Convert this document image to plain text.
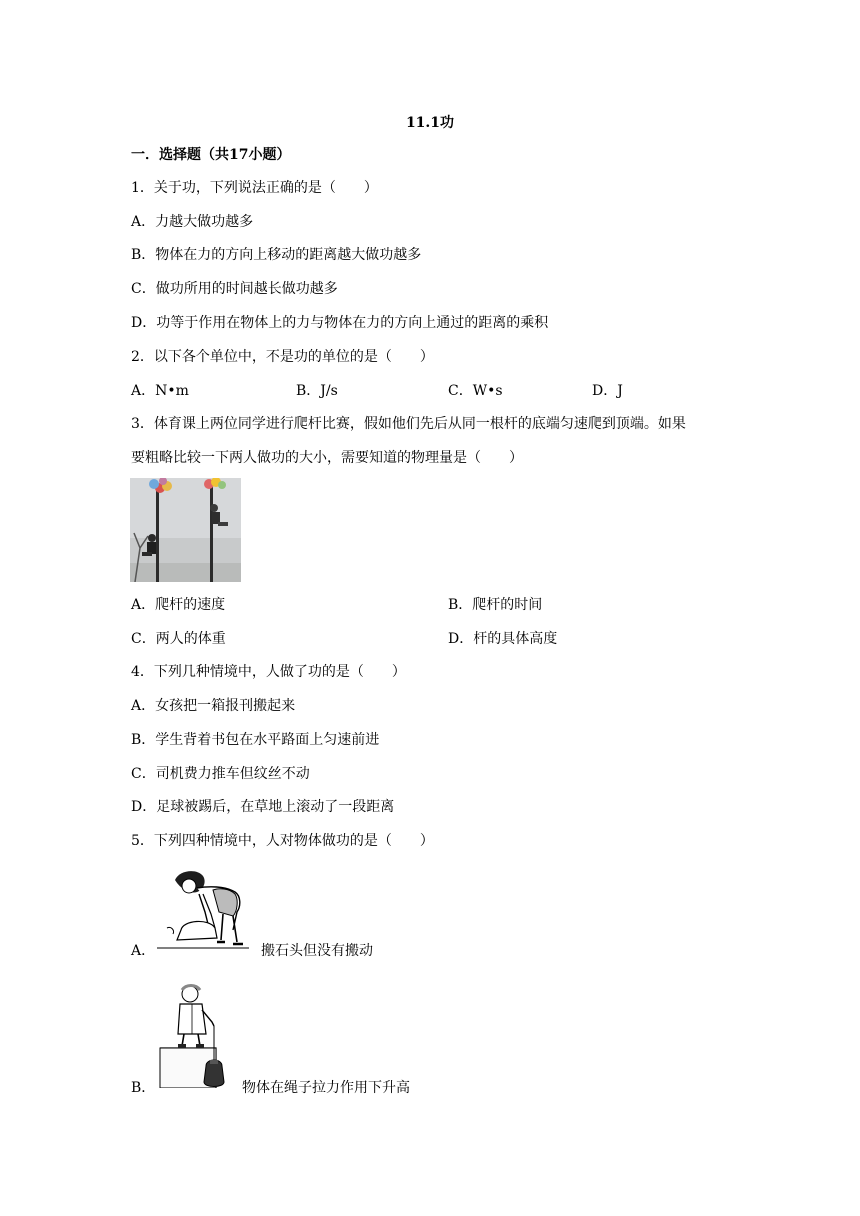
11.1功
一．选择题（共17小题）
1．关于功，下列说法正确的是（　　）
A．力越大做功越多
B．物体在力的方向上移动的距离越大做功越多
C．做功所用的时间越长做功越多
D．功等于作用在物体上的力与物体在力的方向上通过的距离的乘积
2．以下各个单位中，不是功的单位的是（　　）
A．N•m	B．J/s	C．W•s	D．J
3．体育课上两位同学进行爬杆比赛，假如他们先后从同一根杆的底端匀速爬到顶端。如果
要粗略比较一下两人做功的大小，需要知道的物理量是（　　）
A．爬杆的速度	B．爬杆的时间
C．两人的体重	D．杆的具体高度
4．下列几种情境中，人做了功的是（　　）
A．女孩把一箱报刊搬起来
B．学生背着书包在水平路面上匀速前进
C．司机费力推车但纹丝不动
D．足球被踢后，在草地上滚动了一段距离
5．下列四种情境中，人对物体做功的是（　　）
A．	搬石头但没有搬动
B．	物体在绳子拉力作用下升高
